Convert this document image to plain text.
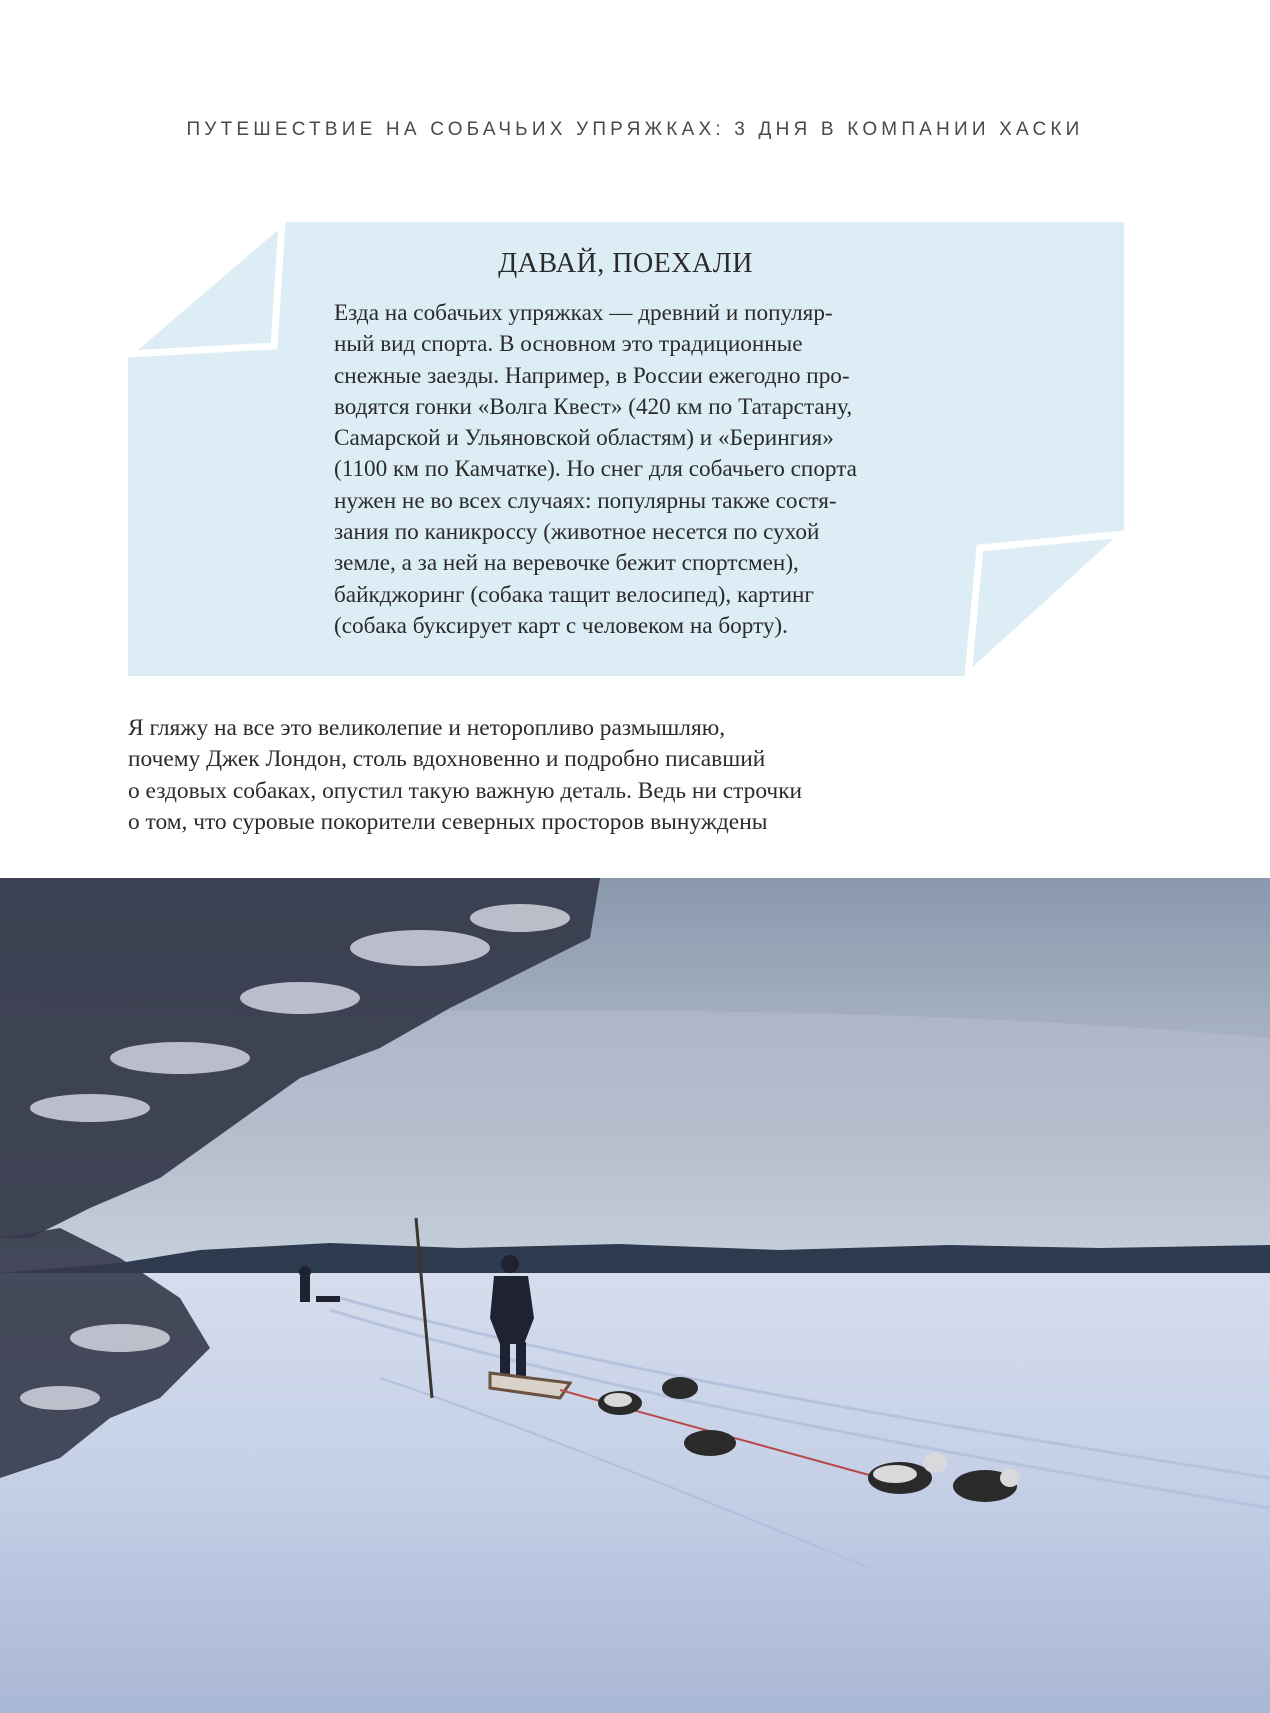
ПУТЕШЕСТВИЕ НА СОБАЧЬИХ УПРЯЖКАХ: 3 ДНЯ В КОМПАНИИ ХАСКИ
ДАВАЙ, ПОЕХАЛИ
Езда на собачьих упряжках — древний и популяр-
ный вид спорта. В основном это традиционные
снежные заезды. Например, в России ежегодно про-
водятся гонки «Волга Квест» (420 км по Татарстану,
Самарской и Ульяновской областям) и «Берингия»
(1100 км по Камчатке). Но снег для собачьего спорта
нужен не во всех случаях: популярны также состя-
зания по каникроссу (животное несется по сухой
земле, а за ней на веревочке бежит спортсмен),
байкджоринг (собака тащит велосипед), картинг
(собака буксирует карт с человеком на борту).
Я гляжу на все это великолепие и неторопливо размышляю,
почему Джек Лондон, столь вдохновенно и подробно писавший
о ездовых собаках, опустил такую важную деталь. Ведь ни строчки
о том, что суровые покорители северных просторов вынуждены
